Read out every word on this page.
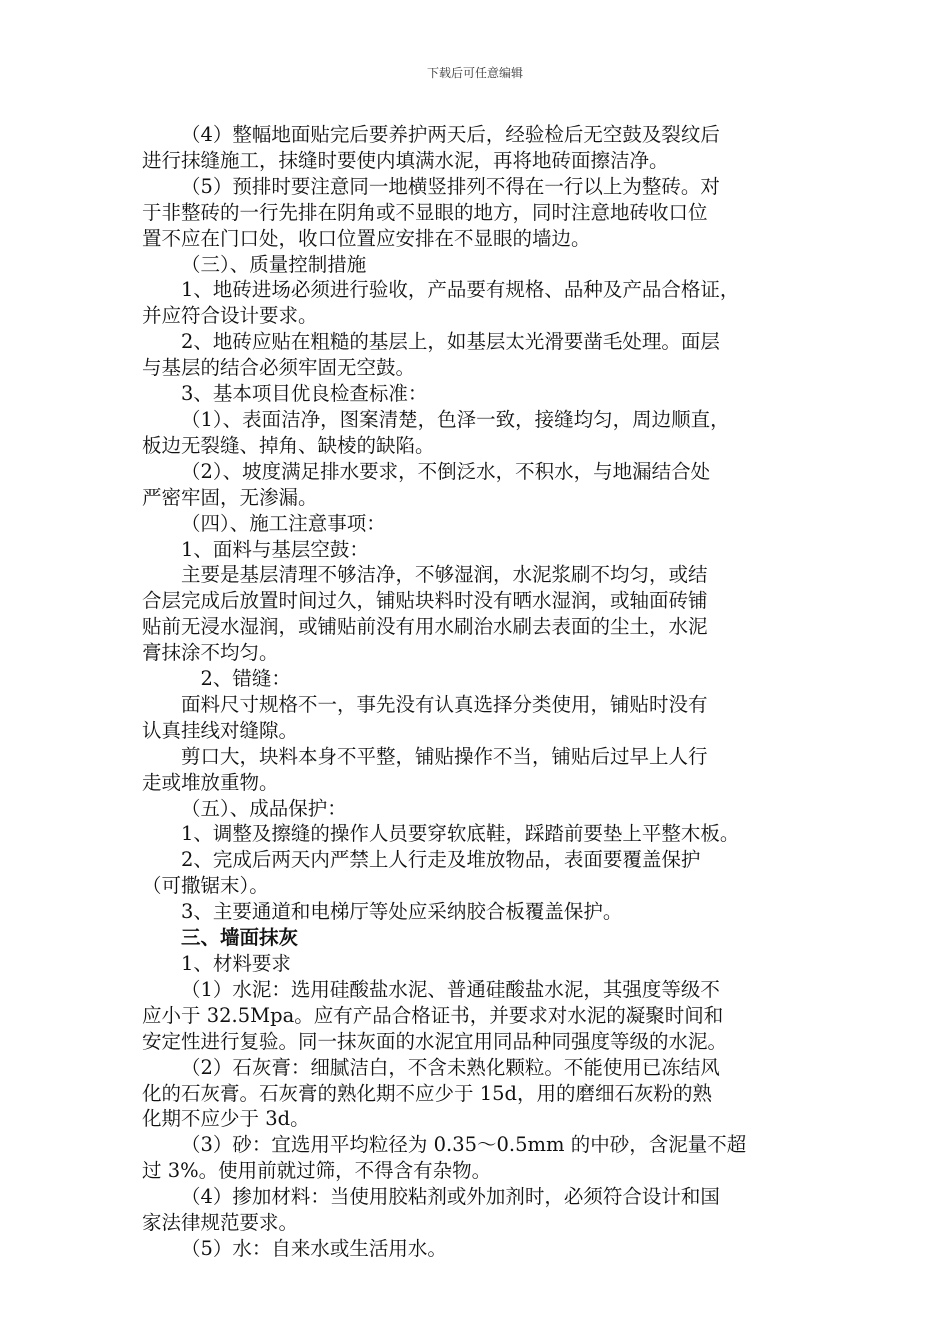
下载后可任意编辑
（4）整幅地面贴完后要养护两天后，经验检后无空鼓及裂纹后
进行抹缝施工，抹缝时要使内填满水泥，再将地砖面擦洁净。
（5）预排时要注意同一地横竖排列不得在一行以上为整砖。对
于非整砖的一行先排在阴角或不显眼的地方，同时注意地砖收口位
置不应在门口处，收口位置应安排在不显眼的墙边。
（三）、质量控制措施
1、地砖进场必须进行验收，产品要有规格、品种及产品合格证，
并应符合设计要求。
2、地砖应贴在粗糙的基层上，如基层太光滑要凿毛处理。面层
与基层的结合必须牢固无空鼓。
3、基本项目优良检查标准：
（1）、表面洁净，图案清楚，色泽一致，接缝均匀，周边顺直，
板边无裂缝、掉角、缺棱的缺陷。
（2）、坡度满足排水要求，不倒泛水，不积水，与地漏结合处
严密牢固，无渗漏。
（四）、施工注意事项：
1、面料与基层空鼓：
主要是基层清理不够洁净，不够湿润，水泥浆刷不均匀，或结
合层完成后放置时间过久，铺贴块料时没有晒水湿润，或轴面砖铺
贴前无浸水湿润，或铺贴前没有用水刷治水刷去表面的尘土，水泥
膏抹涂不均匀。
2、错缝：
面料尺寸规格不一，事先没有认真选择分类使用，铺贴时没有
认真挂线对缝隙。
剪口大，块料本身不平整，铺贴操作不当，铺贴后过早上人行
走或堆放重物。
（五）、成品保护：
1、调整及擦缝的操作人员要穿软底鞋，踩踏前要垫上平整木板。
2、完成后两天内严禁上人行走及堆放物品，表面要覆盖保护
（可撒锯末）。
3、主要通道和电梯厅等处应采纳胶合板覆盖保护。
三、墙面抹灰
1、材料要求
（1）水泥：选用硅酸盐水泥、普通硅酸盐水泥，其强度等级不
应小于 32.5Mpa。应有产品合格证书，并要求对水泥的凝聚时间和
安定性进行复验。同一抹灰面的水泥宜用同品种同强度等级的水泥。
（2）石灰膏：细腻洁白，不含未熟化颗粒。不能使用已冻结风
化的石灰膏。石灰膏的熟化期不应少于 15d，用的磨细石灰粉的熟
化期不应少于 3d。
（3）砂：宜选用平均粒径为 0.35～0.5mm 的中砂，含泥量不超
过 3%。使用前就过筛，不得含有杂物。
（4）掺加材料：当使用胶粘剂或外加剂时，必须符合设计和国
家法律规范要求。
（5）水：自来水或生活用水。
